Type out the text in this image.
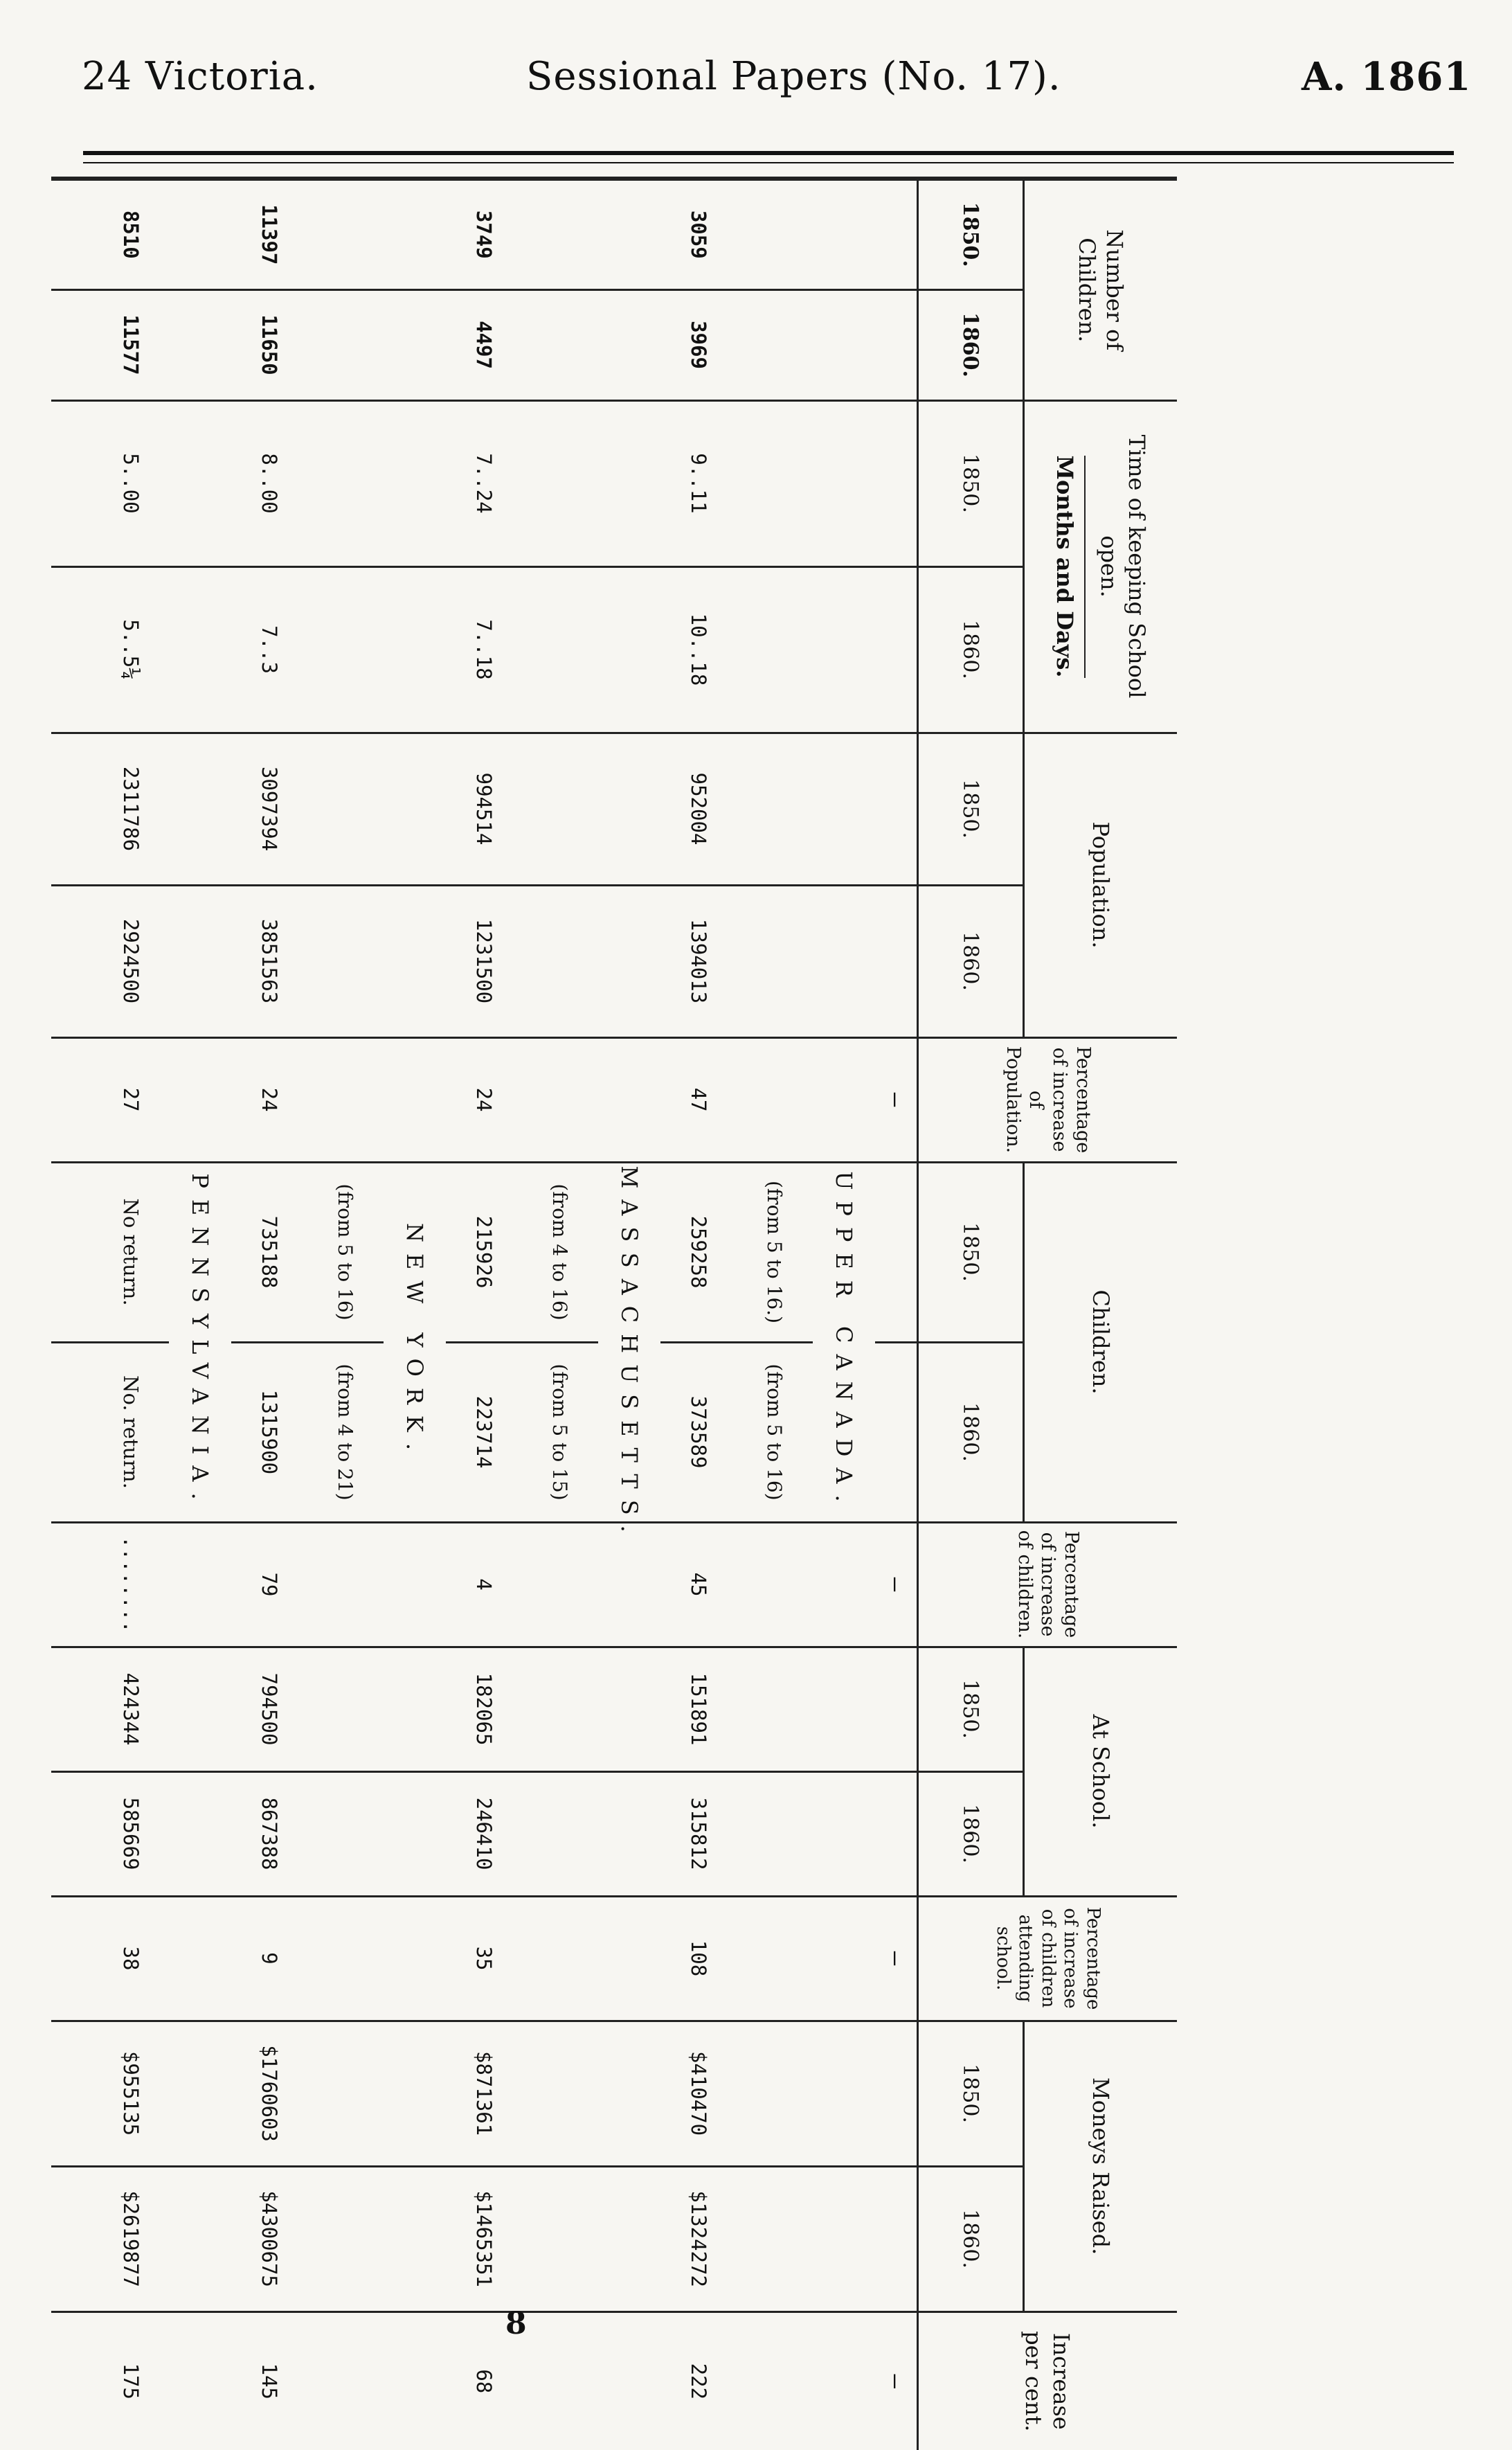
24 Victoria.	Sessional Papers (No. 17).	A. 1861
Number of Children.		Time of keeping School open.
Months and Days.		Population.		Percentage of increase of Population.	Children.		Percentage of increase of children.	At School.		Percentage of increase of children attending school.	Moneys Raised.		Increase per cent.
1850.	1860.	1850.	1860.	1850.	1860.		1850.	1860.		1850.	1860.		1850.	1860.	
						—			—			—			—
							UPPER CANADA.								
							(from 5 to 16.)	(from 5 to 16)							
3059	3969	9..11	10..18	952004	1394013	47	259258	373589	45	151891	315812	108	$410470	$1324272	222
							MASSACHUSETTS.								
							(from 4 to 16)	(from 5 to 15)							
3749	4497	7..24	7..18	994514	1231500	24	215926	223714	4	182065	246410	35	$871361	$1465351	68
							NEW YORK.								
							(from 5 to 16)	(from 4 to 21)							
11397	11650	8..00	7..3	3097394	3851563	24	735188	1315900	79	794500	867388	9	$1760603	$4300675	145
							PENNSYLVANIA.								
8510	11577	5..00	5..5¼	2311786	2924500	27	No return.	No. return.	........	424344	585669	38	$955135	$2619877	175

8
